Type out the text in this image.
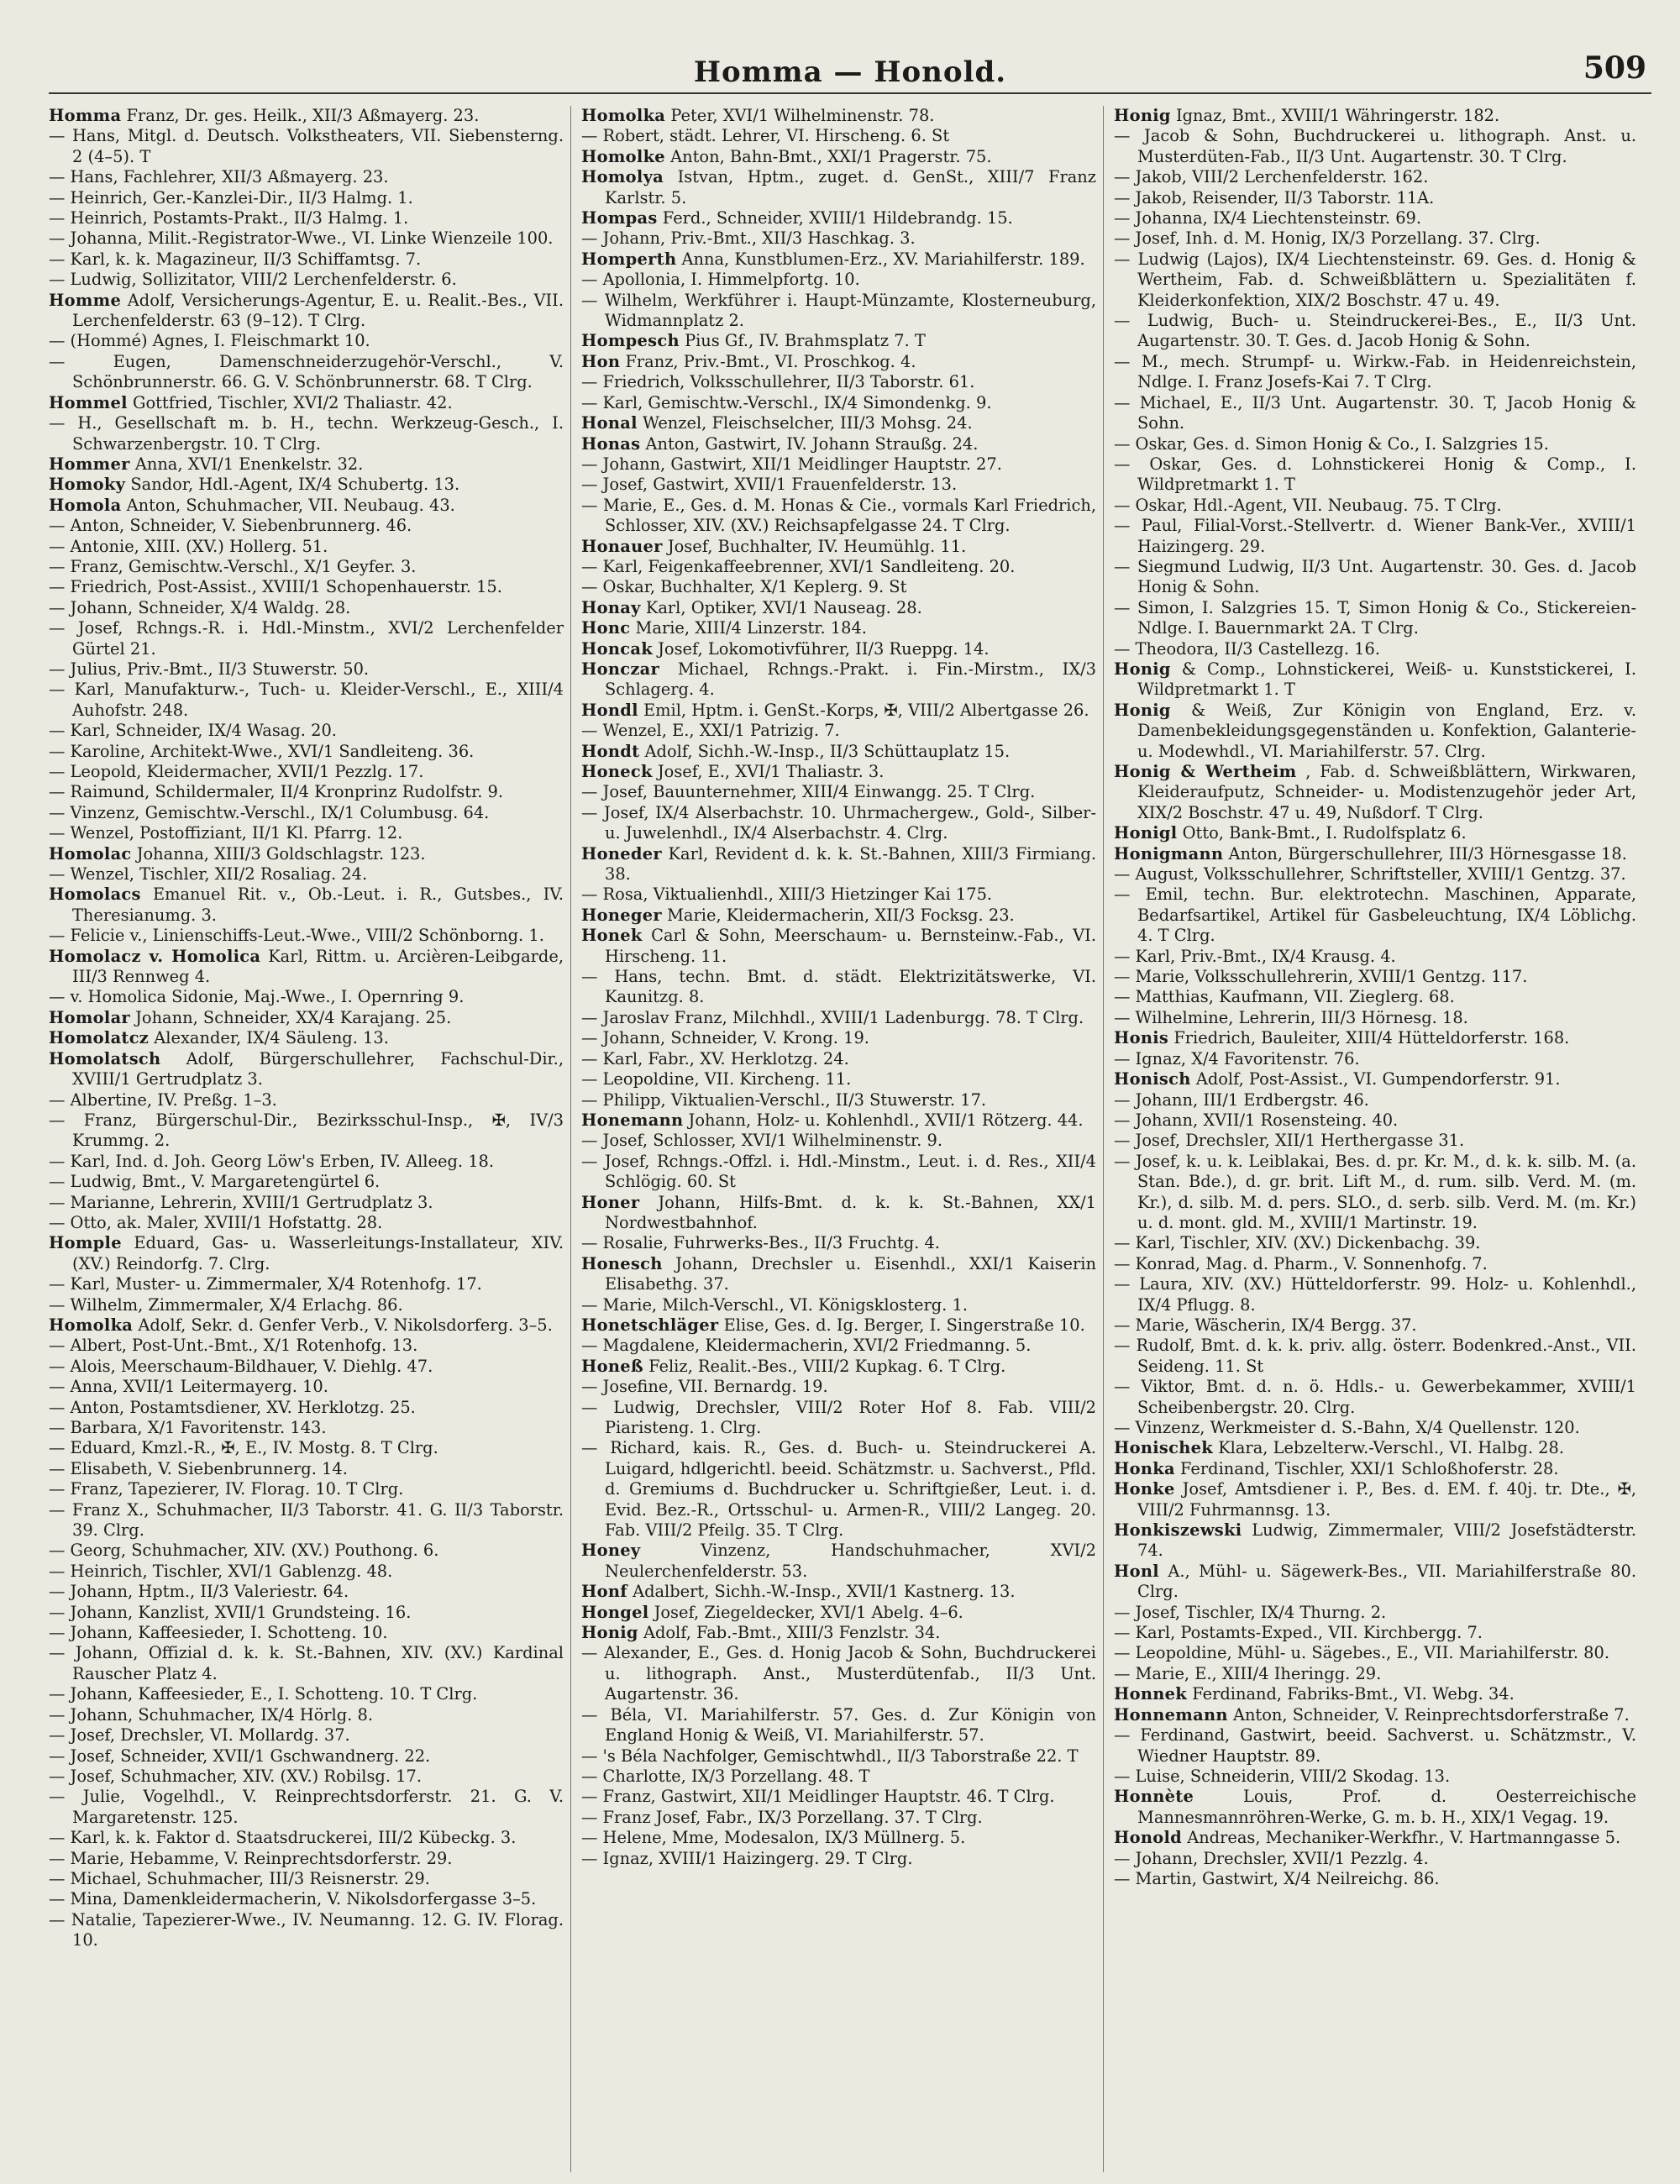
Homma — Honold.	509
Homma Franz, Dr. ges. Heilk., XII/3 Aßmayerg. 23.
— Hans, Mitgl. d. Deutsch. Volkstheaters, VII. Siebensterng. 2 (4–5). T
— Hans, Fachlehrer, XII/3 Aßmayerg. 23.
— Heinrich, Ger.-Kanzlei-Dir., II/3 Halmg. 1.
— Heinrich, Postamts-Prakt., II/3 Halmg. 1.
— Johanna, Milit.-Registrator-Wwe., VI. Linke Wienzeile 100.
— Karl, k. k. Magazineur, II/3 Schiffamtsg. 7.
— Ludwig, Sollizitator, VIII/2 Lerchenfelderstr. 6.
Homme Adolf, Versicherungs-Agentur, E. u. Realit.-Bes., VII. Lerchenfelderstr. 63 (9–12). T Clrg.
— (Hommé) Agnes, I. Fleischmarkt 10.
— Eugen, Damenschneiderzugehör-Verschl., V. Schönbrunnerstr. 66. G. V. Schönbrunnerstr. 68. T Clrg.
Hommel Gottfried, Tischler, XVI/2 Thaliastr. 42.
— H., Gesellschaft m. b. H., techn. Werkzeug-Gesch., I. Schwarzenbergstr. 10. T Clrg.
Hommer Anna, XVI/1 Enenkelstr. 32.
Homoky Sandor, Hdl.-Agent, IX/4 Schubertg. 13.
Homola Anton, Schuhmacher, VII. Neubaug. 43.
— Anton, Schneider, V. Siebenbrunnerg. 46.
— Antonie, XIII. (XV.) Hollerg. 51.
— Franz, Gemischtw.-Verschl., X/1 Geyfer. 3.
— Friedrich, Post-Assist., XVIII/1 Schopenhauerstr. 15.
— Johann, Schneider, X/4 Waldg. 28.
— Josef, Rchngs.-R. i. Hdl.-Minstm., XVI/2 Lerchenfelder Gürtel 21.
— Julius, Priv.-Bmt., II/3 Stuwerstr. 50.
— Karl, Manufakturw.-, Tuch- u. Kleider-Verschl., E., XIII/4 Auhofstr. 248.
— Karl, Schneider, IX/4 Wasag. 20.
— Karoline, Architekt-Wwe., XVI/1 Sandleiteng. 36.
— Leopold, Kleidermacher, XVII/1 Pezzlg. 17.
— Raimund, Schildermaler, II/4 Kronprinz Rudolfstr. 9.
— Vinzenz, Gemischtw.-Verschl., IX/1 Columbusg. 64.
— Wenzel, Postoffiziant, II/1 Kl. Pfarrg. 12.
Homolac Johanna, XIII/3 Goldschlagstr. 123.
— Wenzel, Tischler, XII/2 Rosaliag. 24.
Homolacs Emanuel Rit. v., Ob.-Leut. i. R., Gutsbes., IV. Theresianumg. 3.
— Felicie v., Linienschiffs-Leut.-Wwe., VIII/2 Schönborng. 1.
Homolacz v. Homolica Karl, Rittm. u. Arcièren-Leibgarde, III/3 Rennweg 4.
— v. Homolica Sidonie, Maj.-Wwe., I. Opernring 9.
Homolar Johann, Schneider, XX/4 Karajang. 25.
Homolatcz Alexander, IX/4 Säuleng. 13.
Homolatsch Adolf, Bürgerschullehrer, Fachschul-Dir., XVIII/1 Gertrudplatz 3.
— Albertine, IV. Preßg. 1–3.
— Franz, Bürgerschul-Dir., Bezirksschul-Insp., ✠, IV/3 Krummg. 2.
— Karl, Ind. d. Joh. Georg Löw's Erben, IV. Alleeg. 18.
— Ludwig, Bmt., V. Margaretengürtel 6.
— Marianne, Lehrerin, XVIII/1 Gertrudplatz 3.
— Otto, ak. Maler, XVIII/1 Hofstattg. 28.
Homple Eduard, Gas- u. Wasserleitungs-Installateur, XIV. (XV.) Reindorfg. 7. Clrg.
— Karl, Muster- u. Zimmermaler, X/4 Rotenhofg. 17.
— Wilhelm, Zimmermaler, X/4 Erlachg. 86.
Homolka Adolf, Sekr. d. Genfer Verb., V. Nikolsdorferg. 3–5.
— Albert, Post-Unt.-Bmt., X/1 Rotenhofg. 13.
— Alois, Meerschaum-Bildhauer, V. Diehlg. 47.
— Anna, XVII/1 Leitermayerg. 10.
— Anton, Postamtsdiener, XV. Herklotzg. 25.
— Barbara, X/1 Favoritenstr. 143.
— Eduard, Kmzl.-R., ✠, E., IV. Mostg. 8. T Clrg.
— Elisabeth, V. Siebenbrunnerg. 14.
— Franz, Tapezierer, IV. Florag. 10. T Clrg.
— Franz X., Schuhmacher, II/3 Taborstr. 41. G. II/3 Taborstr. 39. Clrg.
— Georg, Schuhmacher, XIV. (XV.) Pouthong. 6.
— Heinrich, Tischler, XVI/1 Gablenzg. 48.
— Johann, Hptm., II/3 Valeriestr. 64.
— Johann, Kanzlist, XVII/1 Grundsteing. 16.
— Johann, Kaffeesieder, I. Schotteng. 10.
— Johann, Offizial d. k. k. St.-Bahnen, XIV. (XV.) Kardinal Rauscher Platz 4.
— Johann, Kaffeesieder, E., I. Schotteng. 10. T Clrg.
— Johann, Schuhmacher, IX/4 Hörlg. 8.
— Josef, Drechsler, VI. Mollardg. 37.
— Josef, Schneider, XVII/1 Gschwandnerg. 22.
— Josef, Schuhmacher, XIV. (XV.) Robilsg. 17.
— Julie, Vogelhdl., V. Reinprechtsdorferstr. 21. G. V. Margaretenstr. 125.
— Karl, k. k. Faktor d. Staatsdruckerei, III/2 Kübeckg. 3.
— Marie, Hebamme, V. Reinprechtsdorferstr. 29.
— Michael, Schuhmacher, III/3 Reisnerstr. 29.
— Mina, Damenkleidermacherin, V. Nikolsdorfergasse 3–5.
— Natalie, Tapezierer-Wwe., IV. Neumanng. 12. G. IV. Florag. 10.
Homolka Peter, XVI/1 Wilhelminenstr. 78.
— Robert, städt. Lehrer, VI. Hirscheng. 6. St
Homolke Anton, Bahn-Bmt., XXI/1 Pragerstr. 75.
Homolya Istvan, Hptm., zuget. d. GenSt., XIII/7 Franz Karlstr. 5.
Hompas Ferd., Schneider, XVIII/1 Hildebrandg. 15.
— Johann, Priv.-Bmt., XII/3 Haschkag. 3.
Homperth Anna, Kunstblumen-Erz., XV. Mariahilferstr. 189.
— Apollonia, I. Himmelpfortg. 10.
— Wilhelm, Werkführer i. Haupt-Münzamte, Klosterneuburg, Widmannplatz 2.
Hompesch Pius Gf., IV. Brahmsplatz 7. T
Hon Franz, Priv.-Bmt., VI. Proschkog. 4.
— Friedrich, Volksschullehrer, II/3 Taborstr. 61.
— Karl, Gemischtw.-Verschl., IX/4 Simondenkg. 9.
Honal Wenzel, Fleischselcher, III/3 Mohsg. 24.
Honas Anton, Gastwirt, IV. Johann Straußg. 24.
— Johann, Gastwirt, XII/1 Meidlinger Hauptstr. 27.
— Josef, Gastwirt, XVII/1 Frauenfelderstr. 13.
— Marie, E., Ges. d. M. Honas & Cie., vormals Karl Friedrich, Schlosser, XIV. (XV.) Reichsapfelgasse 24. T Clrg.
Honauer Josef, Buchhalter, IV. Heumühlg. 11.
— Karl, Feigenkaffeebrenner, XVI/1 Sandleiteng. 20.
— Oskar, Buchhalter, X/1 Keplerg. 9. St
Honay Karl, Optiker, XVI/1 Nauseag. 28.
Honc Marie, XIII/4 Linzerstr. 184.
Honcak Josef, Lokomotivführer, II/3 Rueppg. 14.
Honczar Michael, Rchngs.-Prakt. i. Fin.-Mirstm., IX/3 Schlagerg. 4.
Hondl Emil, Hptm. i. GenSt.-Korps, ✠, VIII/2 Albertgasse 26.
— Wenzel, E., XXI/1 Patrizig. 7.
Hondt Adolf, Sichh.-W.-Insp., II/3 Schüttauplatz 15.
Honeck Josef, E., XVI/1 Thaliastr. 3.
— Josef, Bauunternehmer, XIII/4 Einwangg. 25. T Clrg.
— Josef, IX/4 Alserbachstr. 10. Uhrmachergew., Gold-, Silber- u. Juwelenhdl., IX/4 Alserbachstr. 4. Clrg.
Honeder Karl, Revident d. k. k. St.-Bahnen, XIII/3 Firmiang. 38.
— Rosa, Viktualienhdl., XIII/3 Hietzinger Kai 175.
Honeger Marie, Kleidermacherin, XII/3 Focksg. 23.
Honek Carl & Sohn, Meerschaum- u. Bernsteinw.-Fab., VI. Hirscheng. 11.
— Hans, techn. Bmt. d. städt. Elektrizitätswerke, VI. Kaunitzg. 8.
— Jaroslav Franz, Milchhdl., XVIII/1 Ladenburgg. 78. T Clrg.
— Johann, Schneider, V. Krong. 19.
— Karl, Fabr., XV. Herklotzg. 24.
— Leopoldine, VII. Kircheng. 11.
— Philipp, Viktualien-Verschl., II/3 Stuwerstr. 17.
Honemann Johann, Holz- u. Kohlenhdl., XVII/1 Rötzerg. 44.
— Josef, Schlosser, XVI/1 Wilhelminenstr. 9.
— Josef, Rchngs.-Offzl. i. Hdl.-Minstm., Leut. i. d. Res., XII/4 Schlögig. 60. St
Honer Johann, Hilfs-Bmt. d. k. k. St.-Bahnen, XX/1 Nordwestbahnhof.
— Rosalie, Fuhrwerks-Bes., II/3 Fruchtg. 4.
Honesch Johann, Drechsler u. Eisenhdl., XXI/1 Kaiserin Elisabethg. 37.
— Marie, Milch-Verschl., VI. Königsklosterg. 1.
Honetschläger Elise, Ges. d. Ig. Berger, I. Singerstraße 10.
— Magdalene, Kleidermacherin, XVI/2 Friedmanng. 5.
Honeß Feliz, Realit.-Bes., VIII/2 Kupkag. 6. T Clrg.
— Josefine, VII. Bernardg. 19.
— Ludwig, Drechsler, VIII/2 Roter Hof 8. Fab. VIII/2 Piaristeng. 1. Clrg.
— Richard, kais. R., Ges. d. Buch- u. Steindruckerei A. Luigard, hdlgerichtl. beeid. Schätzmstr. u. Sachverst., Pfld. d. Gremiums d. Buchdrucker u. Schriftgießer, Leut. i. d. Evid. Bez.-R., Ortsschul- u. Armen-R., VIII/2 Langeg. 20. Fab. VIII/2 Pfeilg. 35. T Clrg.
Honey	Vinzenz, Handschuhmacher, XVI/2 Neulerchenfelderstr. 53.
Honf Adalbert, Sichh.-W.-Insp., XVII/1 Kastnerg. 13.
Hongel Josef, Ziegeldecker, XVI/1 Abelg. 4–6.
Honig Adolf, Fab.-Bmt., XIII/3 Fenzlstr. 34.
— Alexander, E., Ges. d. Honig Jacob & Sohn, Buchdruckerei u. lithograph. Anst., Musterdütenfab., II/3 Unt. Augartenstr. 36.
— Béla, VI. Mariahilferstr. 57. Ges. d. Zur Königin von England Honig & Weiß, VI. Mariahilferstr. 57.
— 's Béla Nachfolger, Gemischtwhdl., II/3 Taborstraße 22. T
— Charlotte, IX/3 Porzellang. 48. T
— Franz, Gastwirt, XII/1 Meidlinger Hauptstr. 46. T Clrg.
— Franz Josef, Fabr., IX/3 Porzellang. 37. T Clrg.
— Helene, Mme, Modesalon, IX/3 Müllnerg. 5.
— Ignaz, XVIII/1 Haizingerg. 29. T Clrg.
Honig Ignaz, Bmt., XVIII/1 Währingerstr. 182.
— Jacob & Sohn, Buchdruckerei u. lithograph. Anst. u. Musterdüten-Fab., II/3 Unt. Augartenstr. 30. T Clrg.
— Jakob, VIII/2 Lerchenfelderstr. 162.
— Jakob, Reisender, II/3 Taborstr. 11A.
— Johanna, IX/4 Liechtensteinstr. 69.
— Josef, Inh. d. M. Honig, IX/3 Porzellang. 37. Clrg.
— Ludwig (Lajos), IX/4 Liechtensteinstr. 69. Ges. d. Honig & Wertheim, Fab. d. Schweißblättern u. Spezialitäten f. Kleiderkonfektion, XIX/2 Boschstr. 47 u. 49.
— Ludwig, Buch- u. Steindruckerei-Bes., E., II/3 Unt. Augartenstr. 30. T. Ges. d. Jacob Honig & Sohn.
— M., mech. Strumpf- u. Wirkw.-Fab. in Heidenreichstein, Ndlge. I. Franz Josefs-Kai 7. T Clrg.
— Michael, E., II/3 Unt. Augartenstr. 30. T, Jacob Honig & Sohn.
— Oskar, Ges. d. Simon Honig & Co., I. Salzgries 15.
— Oskar, Ges. d. Lohnstickerei Honig & Comp., I. Wildpretmarkt 1. T
— Oskar, Hdl.-Agent, VII. Neubaug. 75. T Clrg.
— Paul, Filial-Vorst.-Stellvertr. d. Wiener Bank-Ver., XVIII/1 Haizingerg. 29.
— Siegmund Ludwig, II/3 Unt. Augartenstr. 30. Ges. d. Jacob Honig & Sohn.
— Simon, I. Salzgries 15. T, Simon Honig & Co., Stickereien-Ndlge. I. Bauernmarkt 2A. T Clrg.
— Theodora, II/3 Castellezg. 16.
Honig & Comp., Lohnstickerei, Weiß- u. Kunststickerei, I. Wildpretmarkt 1. T
Honig & Weiß, Zur Königin von England, Erz. v. Damenbekleidungsgegenständen u. Konfektion, Galanterie- u. Modewhdl., VI. Mariahilferstr. 57. Clrg.
Honig & Wertheim , Fab. d. Schweißblättern, Wirkwaren, Kleideraufputz, Schneider- u. Modistenzugehör jeder Art, XIX/2 Boschstr. 47 u. 49, Nußdorf. T Clrg.
Honigl Otto, Bank-Bmt., I. Rudolfsplatz 6.
Honigmann Anton, Bürgerschullehrer, III/3 Hörnesgasse 18.
— August, Volksschullehrer, Schriftsteller, XVIII/1 Gentzg. 37.
— Emil, techn. Bur. elektrotechn. Maschinen, Apparate, Bedarfsartikel, Artikel für Gasbeleuchtung, IX/4 Löblichg. 4. T Clrg.
— Karl, Priv.-Bmt., IX/4 Krausg. 4.
— Marie, Volksschullehrerin, XVIII/1 Gentzg. 117.
— Matthias, Kaufmann, VII. Zieglerg. 68.
— Wilhelmine, Lehrerin, III/3 Hörnesg. 18.
Honis Friedrich, Bauleiter, XIII/4 Hütteldorferstr. 168.
— Ignaz, X/4 Favoritenstr. 76.
Honisch Adolf, Post-Assist., VI. Gumpendorferstr. 91.
— Johann, III/1 Erdbergstr. 46.
— Johann, XVII/1 Rosensteing. 40.
— Josef, Drechsler, XII/1 Herthergasse 31.
— Josef, k. u. k. Leiblakai, Bes. d. pr. Kr. M., d. k. k. silb. M. (a. Stan. Bde.), d. gr. brit. Lift M., d. rum. silb. Verd. M. (m. Kr.), d. silb. M. d. pers. SLO., d. serb. silb. Verd. M. (m. Kr.) u. d. mont. gld. M., XVIII/1 Martinstr. 19.
— Karl, Tischler, XIV. (XV.) Dickenbachg. 39.
— Konrad, Mag. d. Pharm., V. Sonnenhofg. 7.
— Laura, XIV. (XV.) Hütteldorferstr. 99. Holz- u. Kohlenhdl., IX/4 Pflugg. 8.
— Marie, Wäscherin, IX/4 Bergg. 37.
— Rudolf, Bmt. d. k. k. priv. allg. österr. Bodenkred.-Anst., VII. Seideng. 11. St
— Viktor, Bmt. d. n. ö. Hdls.- u. Gewerbekammer, XVIII/1 Scheibenbergstr. 20. Clrg.
— Vinzenz, Werkmeister d. S.-Bahn, X/4 Quellenstr. 120.
Honischek Klara, Lebzelterw.-Verschl., VI. Halbg. 28.
Honka Ferdinand, Tischler, XXI/1 Schloßhoferstr. 28.
Honke Josef, Amtsdiener i. P., Bes. d. EM. f. 40j. tr. Dte., ✠, VIII/2 Fuhrmannsg. 13.
Honkiszewski Ludwig, Zimmermaler, VIII/2 Josefstädterstr. 74.
Honl A., Mühl- u. Sägewerk-Bes., VII. Mariahilferstraße 80. Clrg.
— Josef, Tischler, IX/4 Thurng. 2.
— Karl, Postamts-Exped., VII. Kirchbergg. 7.
— Leopoldine, Mühl- u. Sägebes., E., VII. Mariahilferstr. 80.
— Marie, E., XIII/4 Iheringg. 29.
Honnek Ferdinand, Fabriks-Bmt., VI. Webg. 34.
Honnemann Anton, Schneider, V. Reinprechtsdorferstraße 7.
— Ferdinand, Gastwirt, beeid. Sachverst. u. Schätzmstr., V. Wiedner Hauptstr. 89.
— Luise, Schneiderin, VIII/2 Skodag. 13.
Honnète	Louis, Prof. d. Oesterreichische Mannesmannröhren-Werke, G. m. b. H., XIX/1 Vegag. 19.
Honold Andreas, Mechaniker-Werkfhr., V. Hartmanngasse 5.
— Johann, Drechsler, XVII/1 Pezzlg. 4.
— Martin, Gastwirt, X/4 Neilreichg. 86.
